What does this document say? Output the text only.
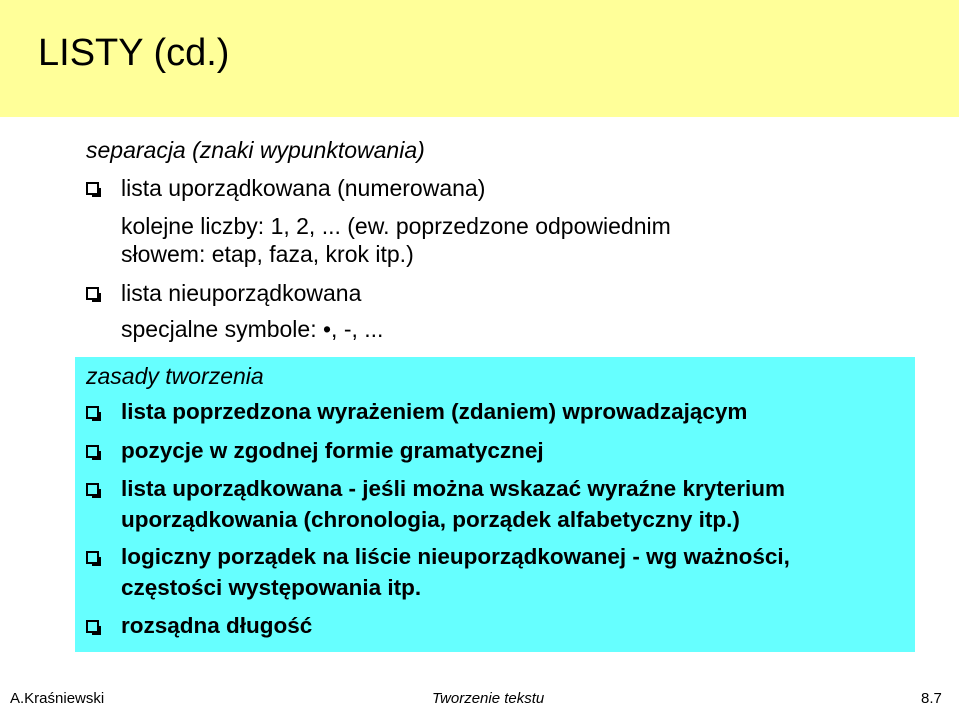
LISTY (cd.)
separacja (znaki wypunktowania)
lista uporządkowana (numerowana)
kolejne liczby: 1, 2, ... (ew. poprzedzone odpowiednim
słowem: etap, faza, krok itp.)
lista nieuporządkowana
specjalne symbole: •, -, ...
zasady tworzenia
lista poprzedzona wyrażeniem (zdaniem) wprowadzającym
pozycje w zgodnej formie gramatycznej
lista uporządkowana - jeśli można wskazać wyraźne kryterium
uporządkowania (chronologia, porządek alfabetyczny itp.)
logiczny porządek na liście nieuporządkowanej - wg ważności,
częstości występowania itp.
rozsądna długość
A.Kraśniewski	Tworzenie tekstu	8.7
